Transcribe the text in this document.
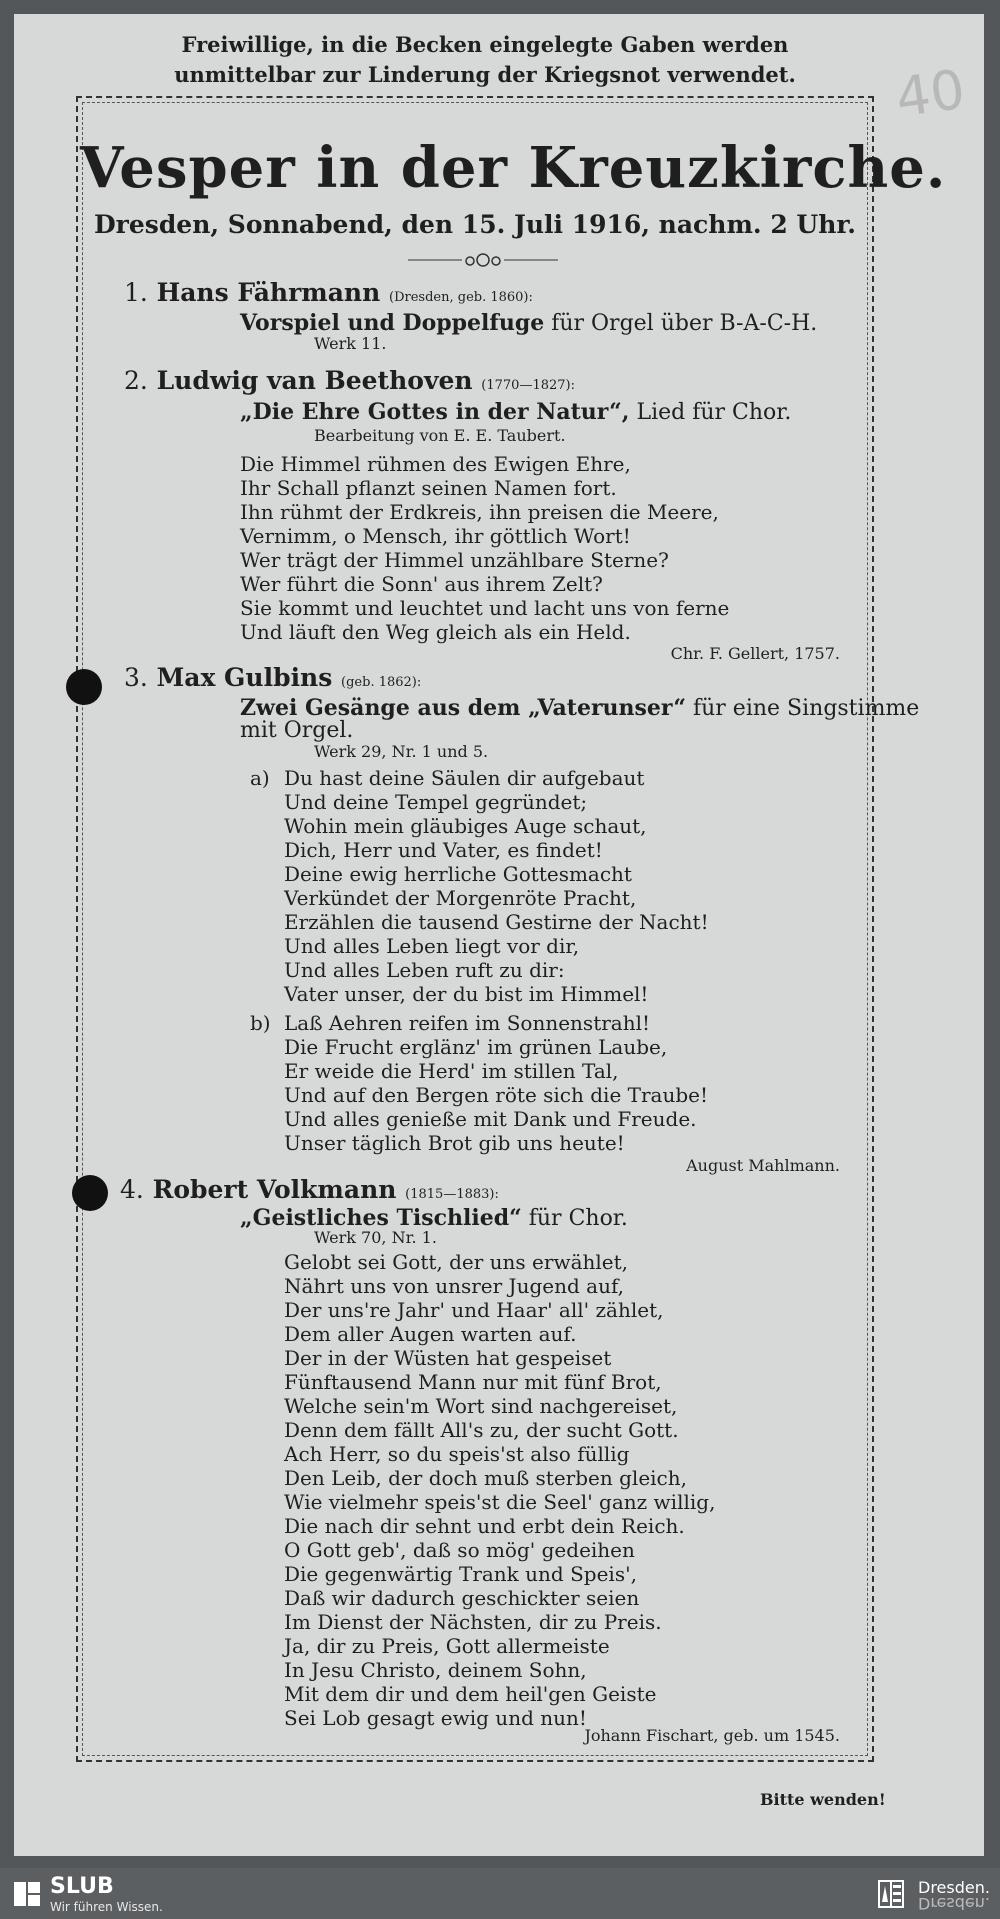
Freiwillige, in die Becken eingelegte Gaben werden
unmittelbar zur Linderung der Kriegsnot verwendet.	40
Vesper in der Kreuzkirche.
Dresden, Sonnabend, den 15. Juli 1916, nachm. 2 Uhr.
1. Hans Fährmann (Dresden, geb. 1860):
Vorspiel und Doppelfuge für Orgel über B-A-C-H.
Werk 11.
2. Ludwig van Beethoven (1770—1827):
„Die Ehre Gottes in der Natur“, Lied für Chor.
Bearbeitung von E. E. Taubert.
Die Himmel rühmen des Ewigen Ehre,
Ihr Schall pflanzt seinen Namen fort.
Ihn rühmt der Erdkreis, ihn preisen die Meere,
Vernimm, o Mensch, ihr göttlich Wort!
Wer trägt der Himmel unzählbare Sterne?
Wer führt die Sonn' aus ihrem Zelt?
Sie kommt und leuchtet und lacht uns von ferne
Und läuft den Weg gleich als ein Held.
Chr. F. Gellert, 1757.
3. Max Gulbins (geb. 1862):
Zwei Gesänge aus dem „Vaterunser“ für eine Singstimme
mit Orgel.
Werk 29, Nr. 1 und 5.
a) Du hast deine Säulen dir aufgebaut
Und deine Tempel gegründet;
Wohin mein gläubiges Auge schaut,
Dich, Herr und Vater, es findet!
Deine ewig herrliche Gottesmacht
Verkündet der Morgenröte Pracht,
Erzählen die tausend Gestirne der Nacht!
Und alles Leben liegt vor dir,
Und alles Leben ruft zu dir:
Vater unser, der du bist im Himmel!
b) Laß Aehren reifen im Sonnenstrahl!
Die Frucht erglänz' im grünen Laube,
Er weide die Herd' im stillen Tal,
Und auf den Bergen röte sich die Traube!
Und alles genieße mit Dank und Freude.
Unser täglich Brot gib uns heute!
August Mahlmann.
4. Robert Volkmann (1815—1883):
„Geistliches Tischlied“ für Chor.
Werk 70, Nr. 1.
Gelobt sei Gott, der uns erwählet,
Nährt uns von unsrer Jugend auf,
Der uns're Jahr' und Haar' all' zählet,
Dem aller Augen warten auf.
Der in der Wüsten hat gespeiset
Fünftausend Mann nur mit fünf Brot,
Welche sein'm Wort sind nachgereiset,
Denn dem fällt All's zu, der sucht Gott.
Ach Herr, so du speis'st also füllig
Den Leib, der doch muß sterben gleich,
Wie vielmehr speis'st die Seel' ganz willig,
Die nach dir sehnt und erbt dein Reich.
O Gott geb', daß so mög' gedeihen
Die gegenwärtig Trank und Speis',
Daß wir dadurch geschickter seien
Im Dienst der Nächsten, dir zu Preis.
Ja, dir zu Preis, Gott allermeiste
In Jesu Christo, deinem Sohn,
Mit dem dir und dem heil'gen Geiste
Sei Lob gesagt ewig und nun!
Johann Fischart, geb. um 1545.
Bitte wenden!
SLUB
Wir führen Wissen.
Dresden.
Dresden.
